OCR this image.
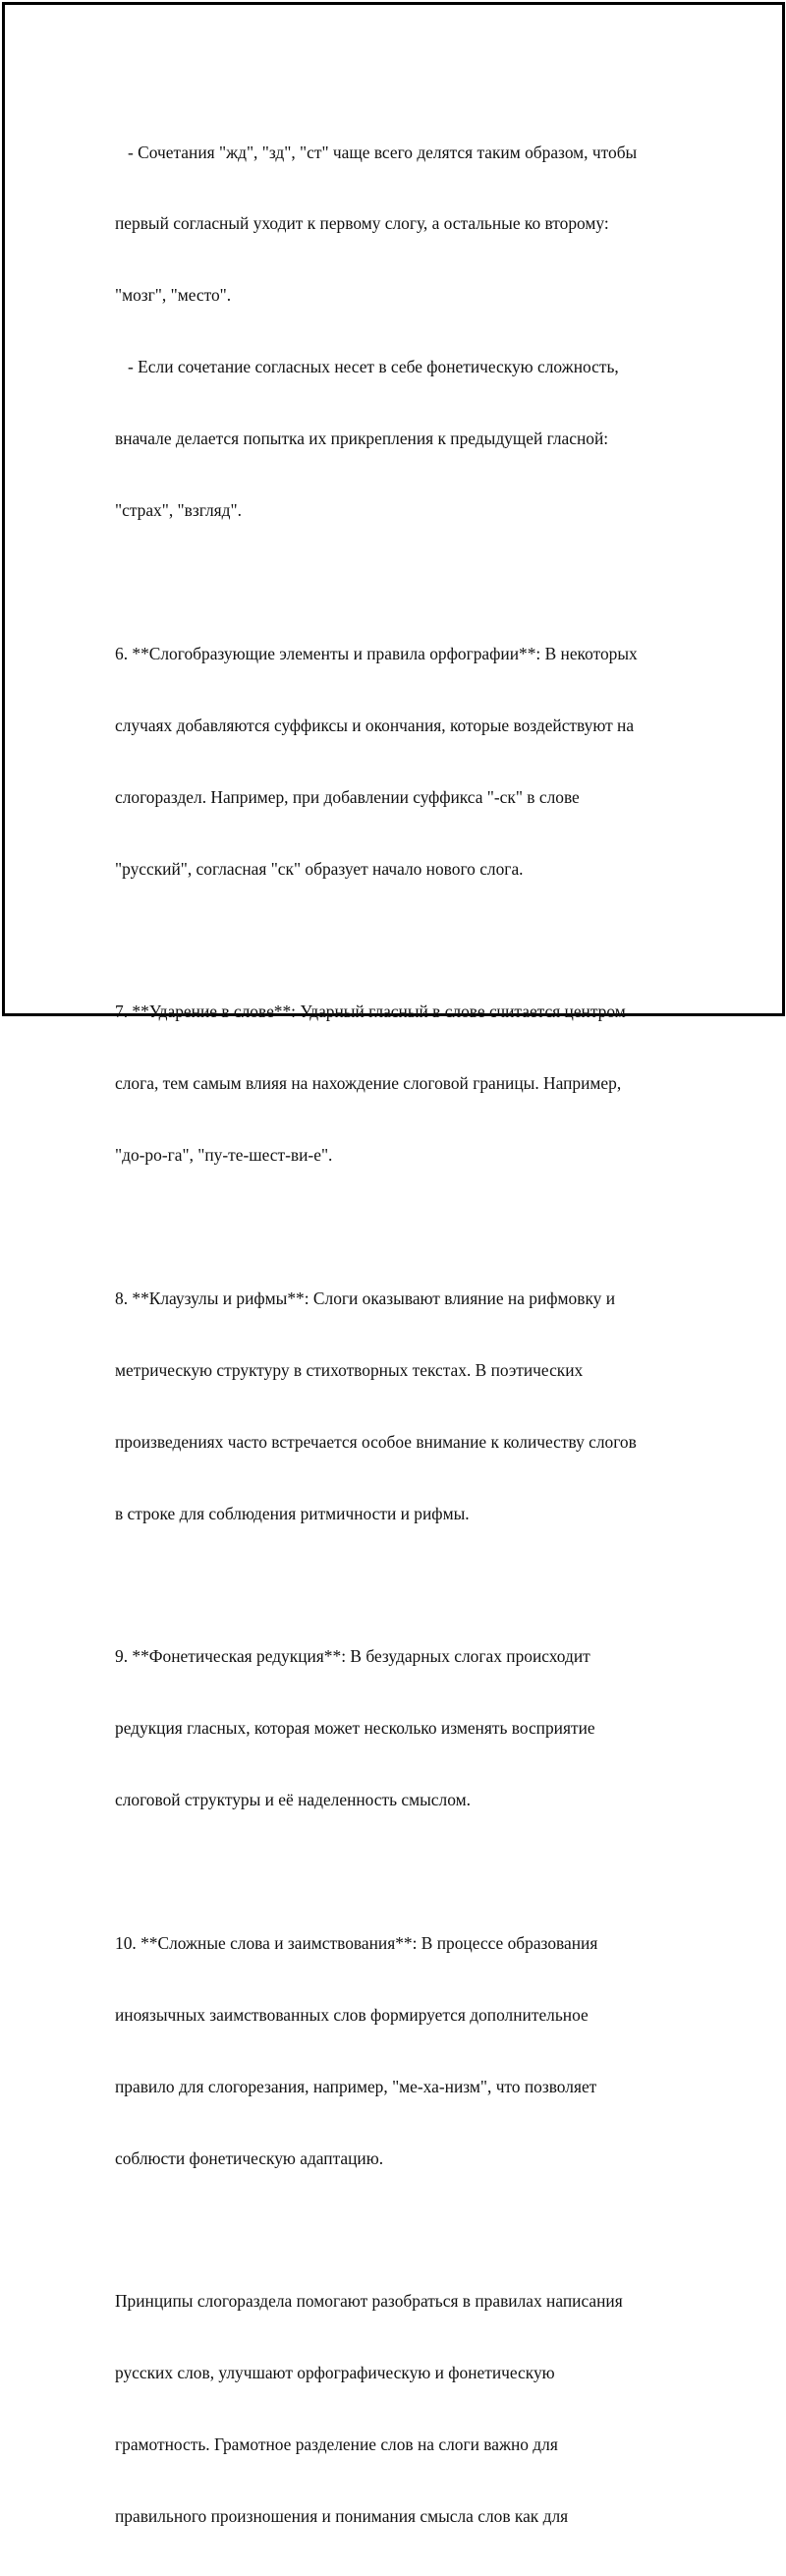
- Сочетания "жд", "зд", "ст" чаще всего делятся таким образом, чтобы

первый согласный уходит к первому слогу, а остальные ко второму:

"мозг", "место".

- Если сочетание согласных несет в себе фонетическую сложность,

вначале делается попытка их прикрепления к предыдущей гласной:

"страх", "взгляд".

6. **Слогобразующие элементы и правила орфографии**: В некоторых

случаях добавляются суффиксы и окончания, которые воздействуют на

слогораздел. Например, при добавлении суффикса "-ск" в слове

"русский", согласная "ск" образует начало нового слога.

7. **Ударение в слове**: Ударный гласный в слове считается центром

слога, тем самым влияя на нахождение слоговой границы. Например,

"до-ро-га", "пу-те-шест-ви-е".

8. **Клаузулы и рифмы**: Слоги оказывают влияние на рифмовку и

метрическую структуру в стихотворных текстах. В поэтических

произведениях часто встречается особое внимание к количеству слогов

в строке для соблюдения ритмичности и рифмы.

9. **Фонетическая редукция**: В безударных слогах происходит

редукция гласных, которая может несколько изменять восприятие

слоговой структуры и её наделенность смыслом.

10. **Сложные слова и заимствования**: В процессе образования

иноязычных заимствованных слов формируется дополнительное

правило для слогорезания, например, "ме-ха-низм", что позволяет

соблюсти фонетическую адаптацию.

Принципы слогораздела помогают разобраться в правилах написания

русских слов, улучшают орфографическую и фонетическую

грамотность. Грамотное разделение слов на слоги важно для

правильного произношения и понимания смысла слов как для
